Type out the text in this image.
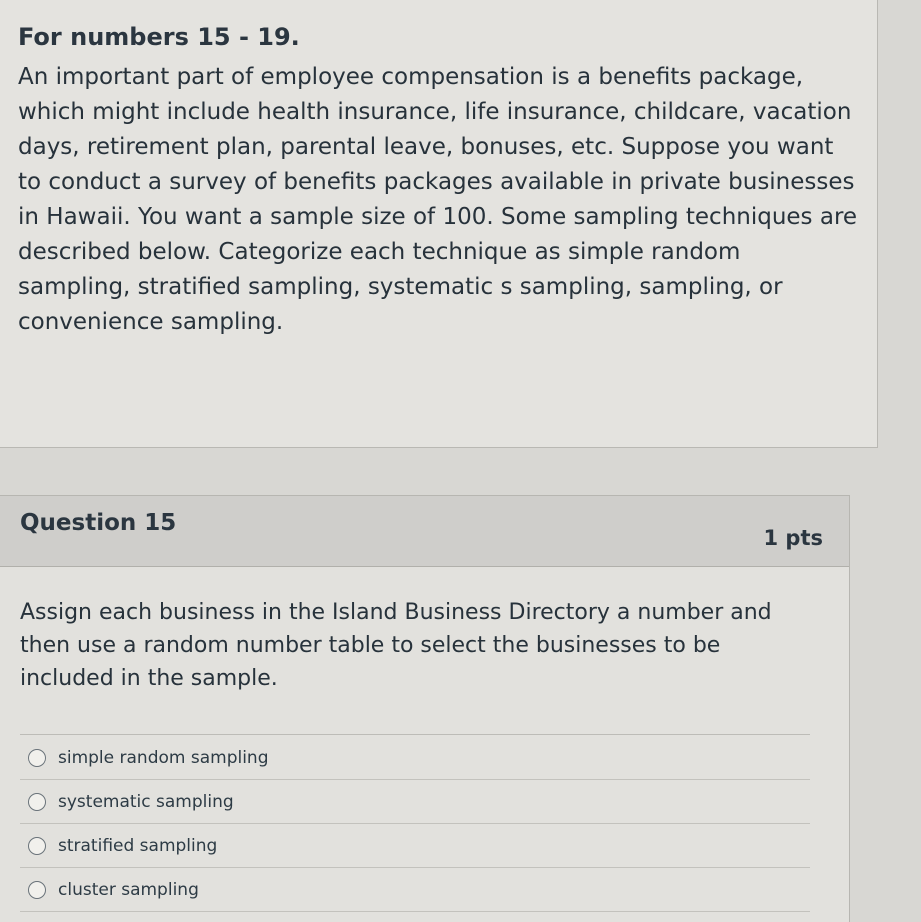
For numbers 15 - 19.

An important part of employee compensation is a benefits package, which might include health insurance, life insurance, childcare, vacation days, retirement plan, parental leave, bonuses, etc. Suppose you want to conduct a survey of benefits packages available in private businesses in Hawaii. You want a sample size of 100. Some sampling techniques are described below. Categorize each technique as simple random sampling, stratified sampling, systematic s sampling, sampling, or convenience sampling.

Question 15
1 pts

Assign each business in the Island Business Directory a number and then use a random number table to select the businesses to be included in the sample.

simple random sampling
systematic sampling
stratified sampling
cluster sampling
